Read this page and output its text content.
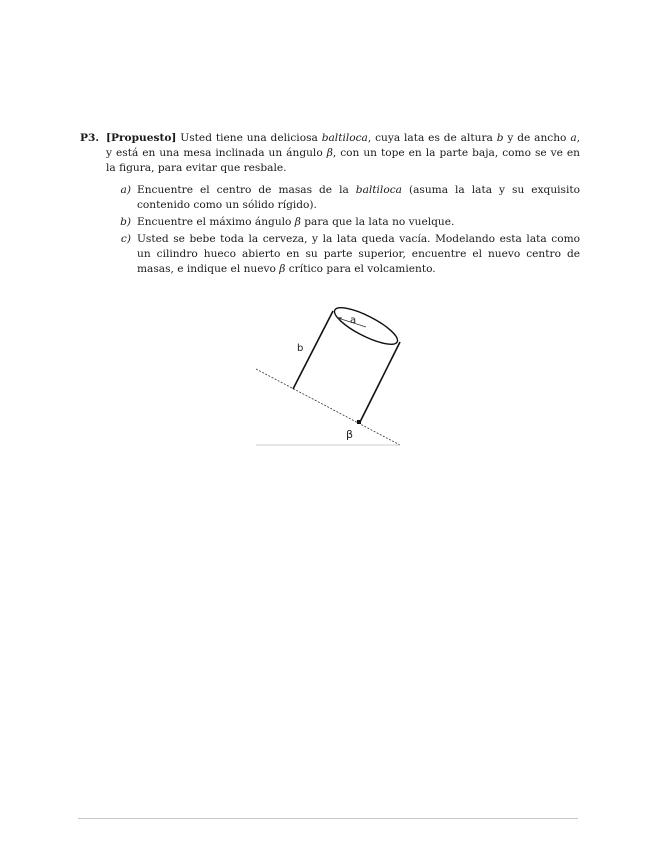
P3. [Propuesto] Usted tiene una deliciosa baltiloca, cuya lata es de altura b y de ancho a, y está en una mesa inclinada un ángulo β, con un tope en la parte baja, como se ve en la figura, para evitar que resbale.
a) Encuentre el centro de masas de la baltiloca (asuma la lata y su exquisito contenido como un sólido rígido).
b) Encuentre el máximo ángulo β para que la lata no vuelque.
c) Usted se bebe toda la cerveza, y la lata queda vacía. Modelando esta lata como un cilindro hueco abierto en su parte superior, encuentre el nuevo centro de masas, e indique el nuevo β crítico para el volcamiento.
a
b
β
